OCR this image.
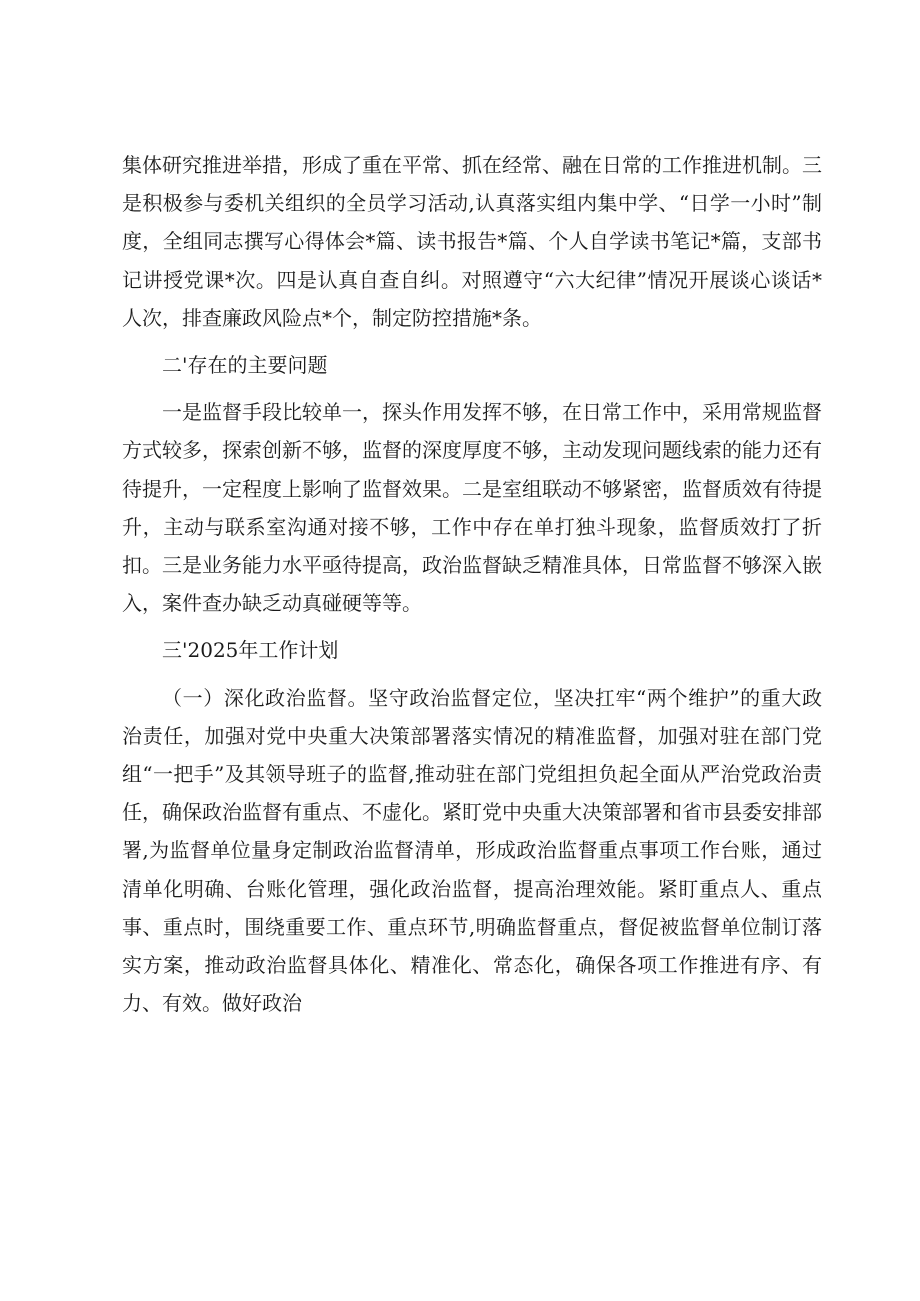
集体研究推进举措，形成了重在平常、抓在经常、融在日常的工作推进机制。三是积极参与委机关组织的全员学习活动,认真落实组内集中学、“日学一小时”制度，全组同志撰写心得体会*篇、读书报告*篇、个人自学读书笔记*篇，支部书记讲授党课*次。四是认真自查自纠。对照遵守“六大纪律”情况开展谈心谈话*人次，排查廉政风险点*个，制定防控措施*条。

二'存在的主要问题

一是监督手段比较单一，探头作用发挥不够，在日常工作中，采用常规监督方式较多，探索创新不够，监督的深度厚度不够，主动发现问题线索的能力还有待提升，一定程度上影响了监督效果。二是室组联动不够紧密，监督质效有待提升，主动与联系室沟通对接不够，工作中存在单打独斗现象，监督质效打了折扣。三是业务能力水平亟待提高，政治监督缺乏精准具体，日常监督不够深入嵌入，案件查办缺乏动真碰硬等等。

三'2025年工作计划

（一）深化政治监督。坚守政治监督定位，坚决扛牢“两个维护”的重大政治责任，加强对党中央重大决策部署落实情况的精准监督，加强对驻在部门党组“一把手”及其领导班子的监督,推动驻在部门党组担负起全面从严治党政治责任，确保政治监督有重点、不虚化。紧盯党中央重大决策部署和省市县委安排部署,为监督单位量身定制政治监督清单，形成政治监督重点事项工作台账，通过清单化明确、台账化管理，强化政治监督，提高治理效能。紧盯重点人、重点事、重点时，围绕重要工作、重点环节,明确监督重点，督促被监督单位制订落实方案，推动政治监督具体化、精准化、常态化，确保各项工作推进有序、有力、有效。做好政治
